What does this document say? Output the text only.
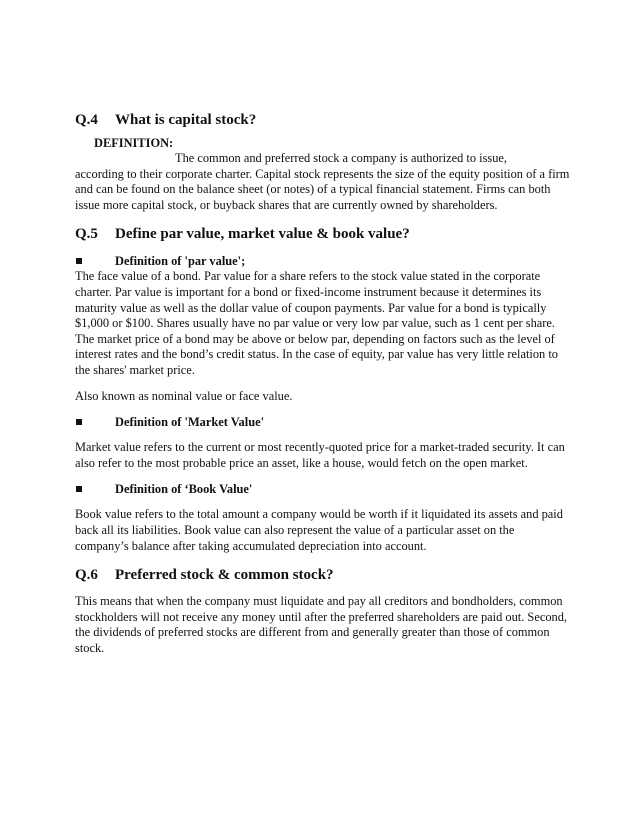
Q.4 What is capital stock?

DEFINITION:

The common and preferred stock a company is authorized to issue,

according to their corporate charter. Capital stock represents the size of the equity position of a firm and can be found on the balance sheet (or notes) of a typical financial statement. Firms can both issue more capital stock, or buyback shares that are currently owned by shareholders.

Q.5 Define par value, market value & book value?

Definition of 'par value';

The face value of a bond. Par value for a share refers to the stock value stated in the corporate charter. Par value is important for a bond or fixed-income instrument because it determines its maturity value as well as the dollar value of coupon payments. Par value for a bond is typically $1,000 or $100. Shares usually have no par value or very low par value, such as 1 cent per share. The market price of a bond may be above or below par, depending on factors such as the level of interest rates and the bond’s credit status. In the case of equity, par value has very little relation to the shares' market price.

Also known as nominal value or face value.

Definition of 'Market Value'

Market value refers to the current or most recently-quoted price for a market-traded security. It can also refer to the most probable price an asset, like a house, would fetch on the open market.

Definition of ‘Book Value'

Book value refers to the total amount a company would be worth if it liquidated its assets and paid back all its liabilities. Book value can also represent the value of a particular asset on the company’s balance after taking accumulated depreciation into account.

Q.6 Preferred stock & common stock?

This means that when the company must liquidate and pay all creditors and bondholders, common stockholders will not receive any money until after the preferred shareholders are paid out. Second, the dividends of preferred stocks are different from and generally greater than those of common stock.
